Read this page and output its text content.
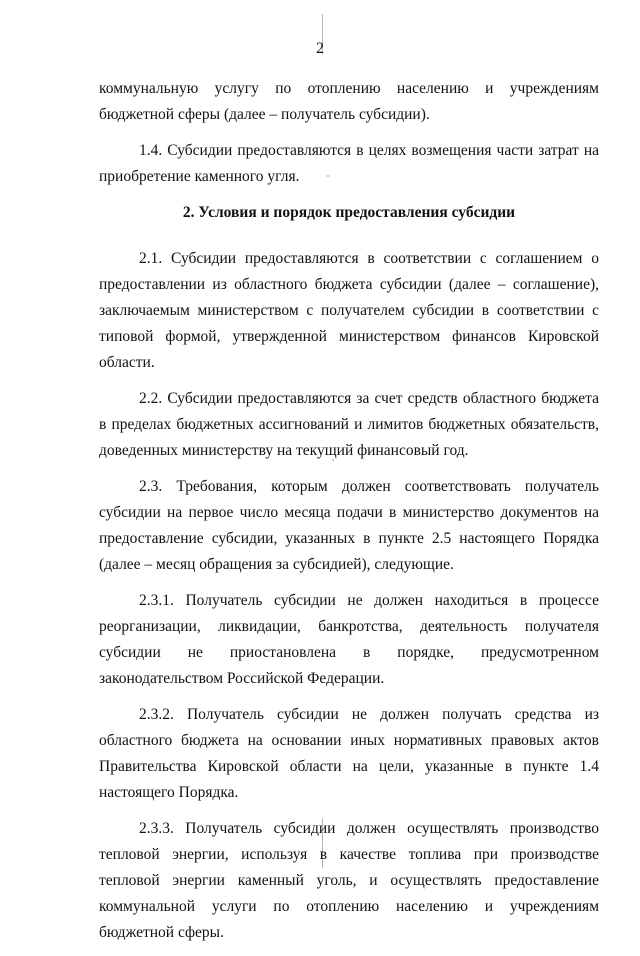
2

коммунальную услугу по отоплению населению и учреждениям бюджетной сферы (далее – получатель субсидии).

1.4. Субсидии предоставляются в целях возмещения части затрат на приобретение каменного угля.

2. Условия и порядок предоставления субсидии

2.1. Субсидии предоставляются в соответствии с соглашением о предоставлении из областного бюджета субсидии (далее – соглашение), заключаемым министерством с получателем субсидии в соответствии с типовой формой, утвержденной министерством финансов Кировской области.

2.2. Субсидии предоставляются за счет средств областного бюджета в пределах бюджетных ассигнований и лимитов бюджетных обязательств, доведенных министерству на текущий финансовый год.

2.3. Требования, которым должен соответствовать получатель субсидии на первое число месяца подачи в министерство документов на предоставление субсидии, указанных в пункте 2.5 настоящего Порядка (далее – месяц обращения за субсидией), следующие.

2.3.1. Получатель субсидии не должен находиться в процессе реорганизации, ликвидации, банкротства, деятельность получателя субсидии не приостановлена в порядке, предусмотренном законодательством Российской Федерации.

2.3.2. Получатель субсидии не должен получать средства из областного бюджета на основании иных нормативных правовых актов Правительства Кировской области на цели, указанные в пункте 1.4 настоящего Порядка.

2.3.3. Получатель субсидии должен осуществлять производство тепловой энергии, используя в качестве топлива при производстве тепловой энергии каменный уголь, и осуществлять предоставление коммунальной услуги по отоплению населению и учреждениям бюджетной сферы.
